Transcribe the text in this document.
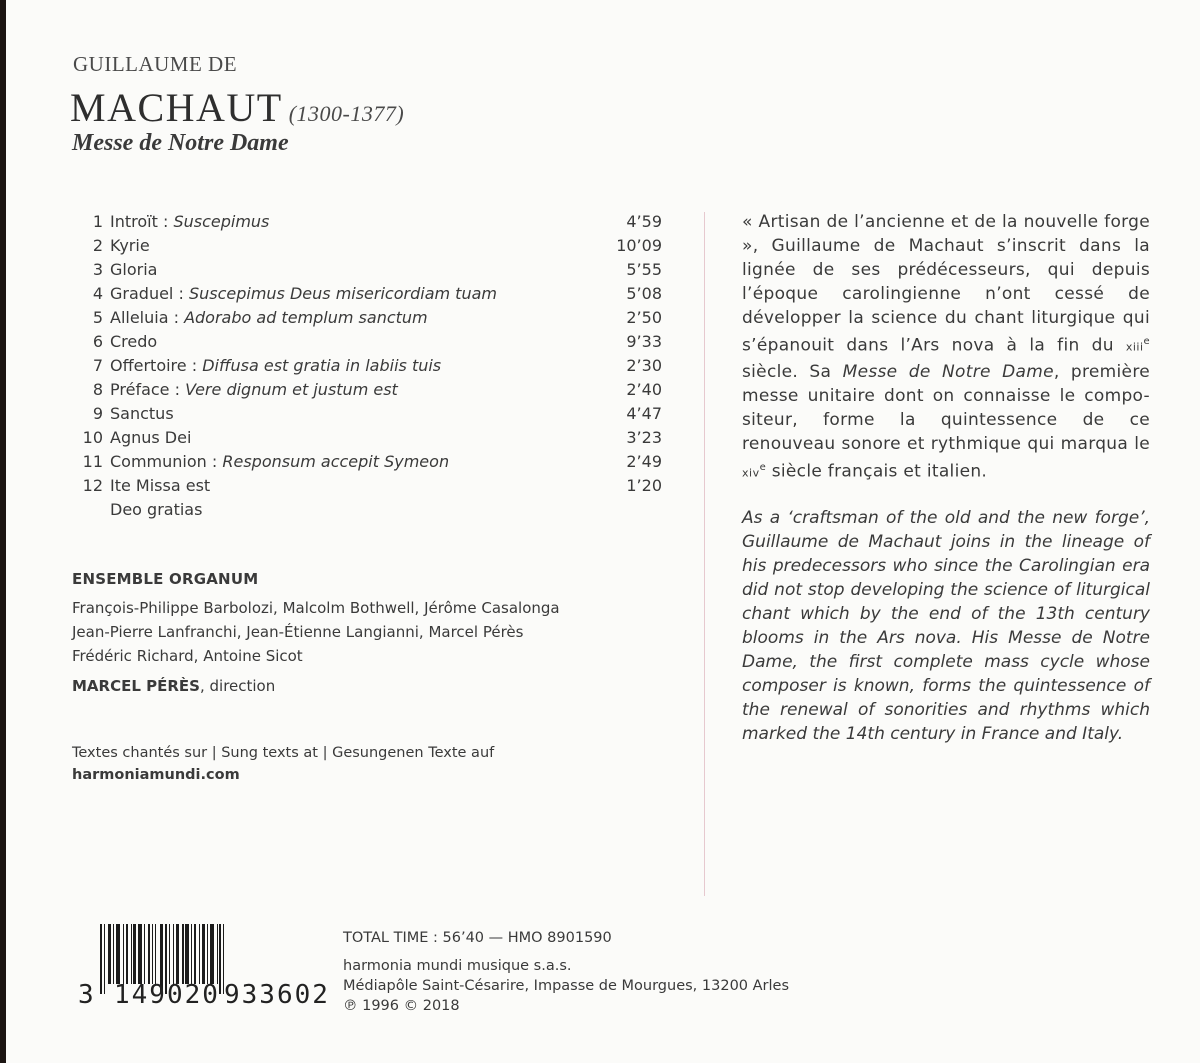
GUILLAUME DE
MACHAUT (1300-1377)
Messe de Notre Dame
1 Introït : Suscepimus	4’59
2 Kyrie	10’09
3 Gloria	5’55
4 Graduel : Suscepimus Deus misericordiam tuam	5’08
5 Alleluia : Adorabo ad templum sanctum	2’50
6 Credo	9’33
7 Offertoire : Diffusa est gratia in labiis tuis	2’30
8 Préface : Vere dignum et justum est	2’40
9 Sanctus	4’47
10 Agnus Dei	3’23
11 Communion : Responsum accepit Symeon	2’49
12 Ite Missa est	1’20
Deo gratias
ENSEMBLE ORGANUM
François-Philippe Barbolozi, Malcolm Bothwell, Jérôme Casalonga
Jean-Pierre Lanfranchi, Jean-Étienne Langianni, Marcel Pérès
Frédéric Richard, Antoine Sicot
MARCEL PÉRÈS, direction
Textes chantés sur | Sung texts at | Gesungenen Texte auf
harmoniamundi.com
« Artisan de l’ancienne et de la nouvelle forge », Guillaume de Machaut s’inscrit dans la lignée de ses prédécesseurs, qui depuis l’époque carolingienne n’ont cessé de développer la science du chant liturgique qui s’épanouit dans l’Ars nova à la fin du xiii$^e$ siècle. Sa Messe de Notre Dame, première messe unitaire dont on connaisse le compo-siteur, forme la quintessence de ce renouveau sonore et rythmique qui marqua le xiv$^e$ siècle français et italien.
As a ‘craftsman of the old and the new forge’, Guillaume de Machaut joins in the lineage of his predecessors who since the Carolingian era did not stop developing the science of liturgical chant which by the end of the 13th century blooms in the Ars nova. His Messe de Notre Dame, the first complete mass cycle whose composer is known, forms the quintessence of the renewal of sonorities and rhythms which marked the 14th century in France and Italy.
3 149020 933602
TOTAL TIME : 56’40 — HMO 8901590
harmonia mundi musique s.a.s.
Médiapôle Saint-César‍ire, Impasse de Mourgues, 13200 Arles
℗ 1996 © 2018
